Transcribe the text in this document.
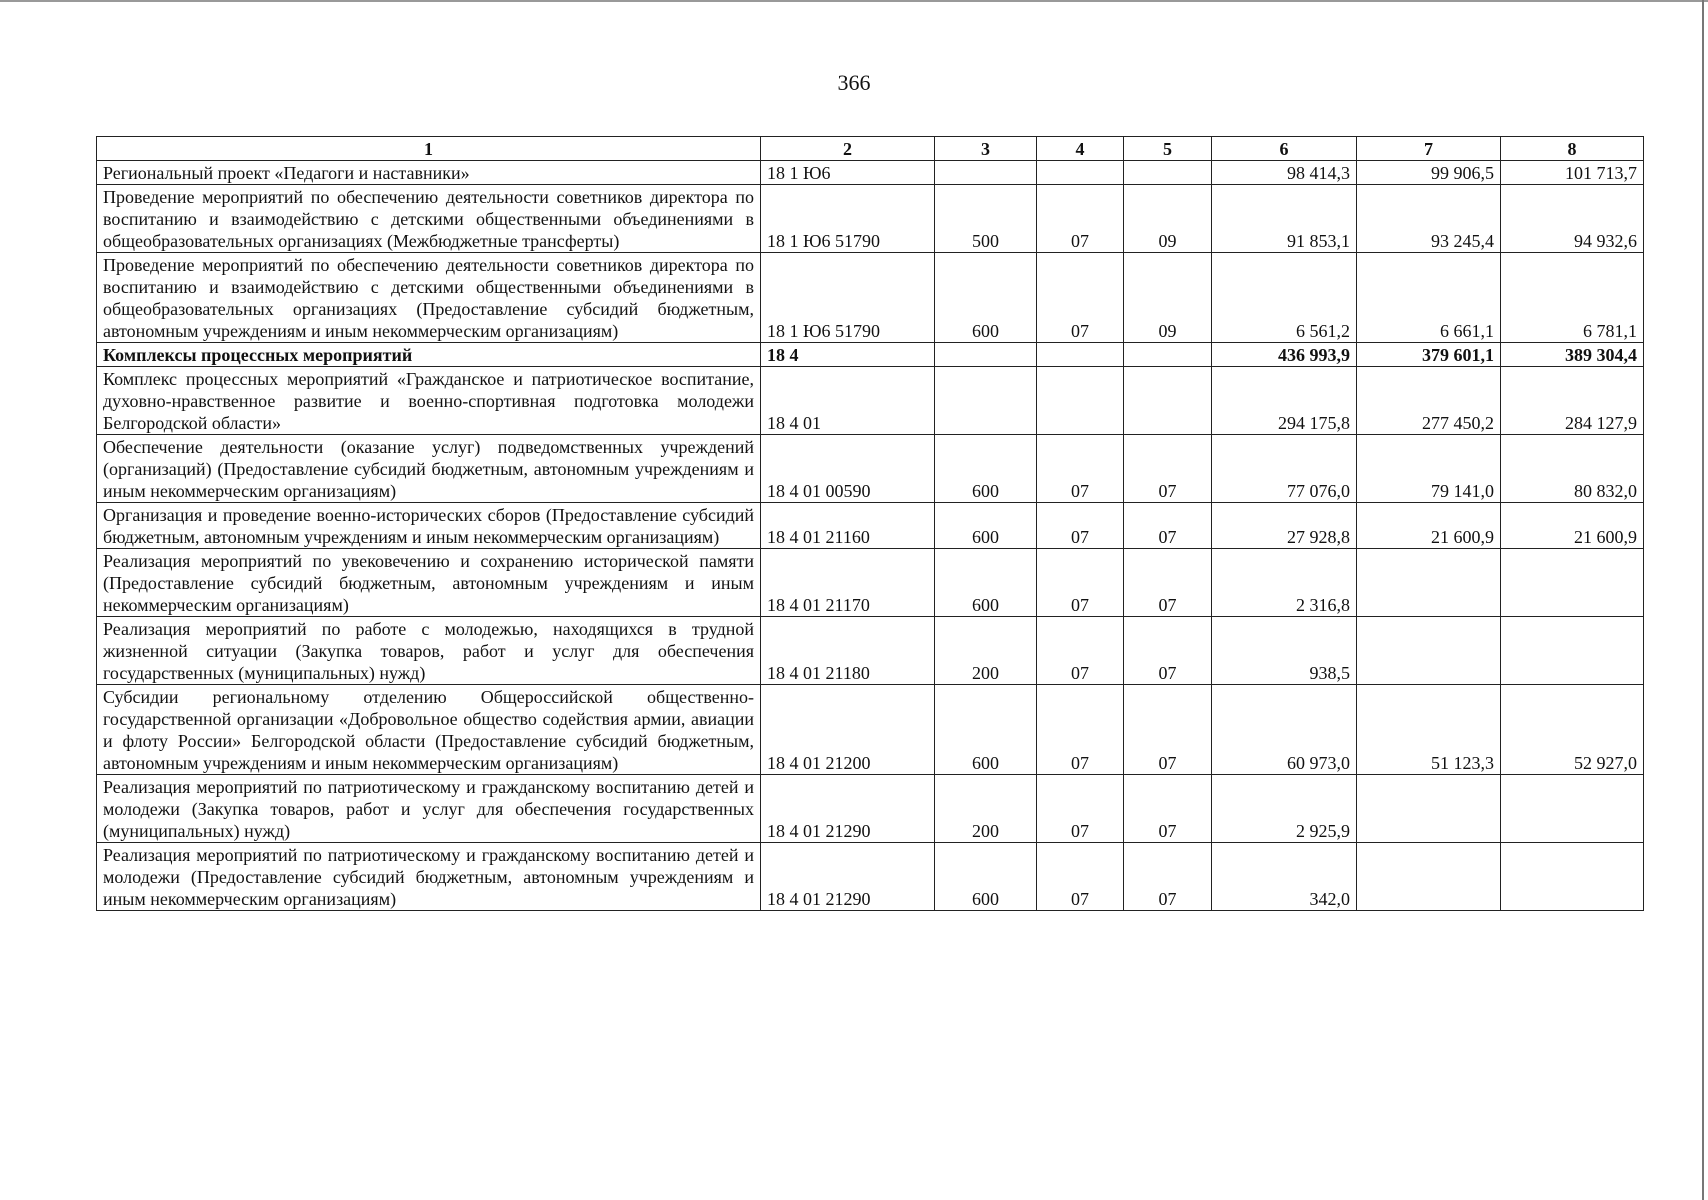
366
1	2	3	4	5	6	7	8
Региональный проект «Педагоги и наставники»	18 1 Ю6				98 414,3	99 906,5	101 713,7
Проведение мероприятий по обеспечению деятельности советников директора по воспитанию и взаимодействию с детскими общественными объединениями в общеобразовательных организациях (Межбюджетные трансферты)	18 1 Ю6 51790	500	07	09	91 853,1	93 245,4	94 932,6
Проведение мероприятий по обеспечению деятельности советников директора по воспитанию и взаимодействию с детскими общественными объединениями в общеобразовательных организациях (Предоставление субсидий бюджетным, автономным учреждениям и иным некоммерческим организациям)	18 1 Ю6 51790	600	07	09	6 561,2	6 661,1	6 781,1
Комплексы процессных мероприятий	18 4				436 993,9	379 601,1	389 304,4
Комплекс процессных мероприятий «Гражданское и патриотическое воспитание, духовно-нравственное развитие и военно-спортивная подготовка молодежи Белгородской области»	18 4 01				294 175,8	277 450,2	284 127,9
Обеспечение деятельности (оказание услуг) подведомственных учреждений (организаций) (Предоставление субсидий бюджетным, автономным учреждениям и иным некоммерческим организациям)	18 4 01 00590	600	07	07	77 076,0	79 141,0	80 832,0
Организация и проведение военно-исторических сборов (Предоставление субсидий бюджетным, автономным учреждениям и иным некоммерческим организациям)	18 4 01 21160	600	07	07	27 928,8	21 600,9	21 600,9
Реализация мероприятий по увековечению и сохранению исторической памяти (Предоставление субсидий бюджетным, автономным учреждениям и иным некоммерческим организациям)	18 4 01 21170	600	07	07	2 316,8		
Реализация мероприятий по работе с молодежью, находящихся в трудной жизненной ситуации (Закупка товаров, работ и услуг для обеспечения государственных (муниципальных) нужд)	18 4 01 21180	200	07	07	938,5		
Субсидии региональному отделению Общероссийской общественно-государственной организации «Добровольное общество содействия армии, авиации и флоту России» Белгородской области (Предоставление субсидий бюджетным, автономным учреждениям и иным некоммерческим организациям)	18 4 01 21200	600	07	07	60 973,0	51 123,3	52 927,0
Реализация мероприятий по патриотическому и гражданскому воспитанию детей и молодежи (Закупка товаров, работ и услуг для обеспечения государственных (муниципальных) нужд)	18 4 01 21290	200	07	07	2 925,9		
Реализация мероприятий по патриотическому и гражданскому воспитанию детей и молодежи (Предоставление субсидий бюджетным, автономным учреждениям и иным некоммерческим организациям)	18 4 01 21290	600	07	07	342,0		
